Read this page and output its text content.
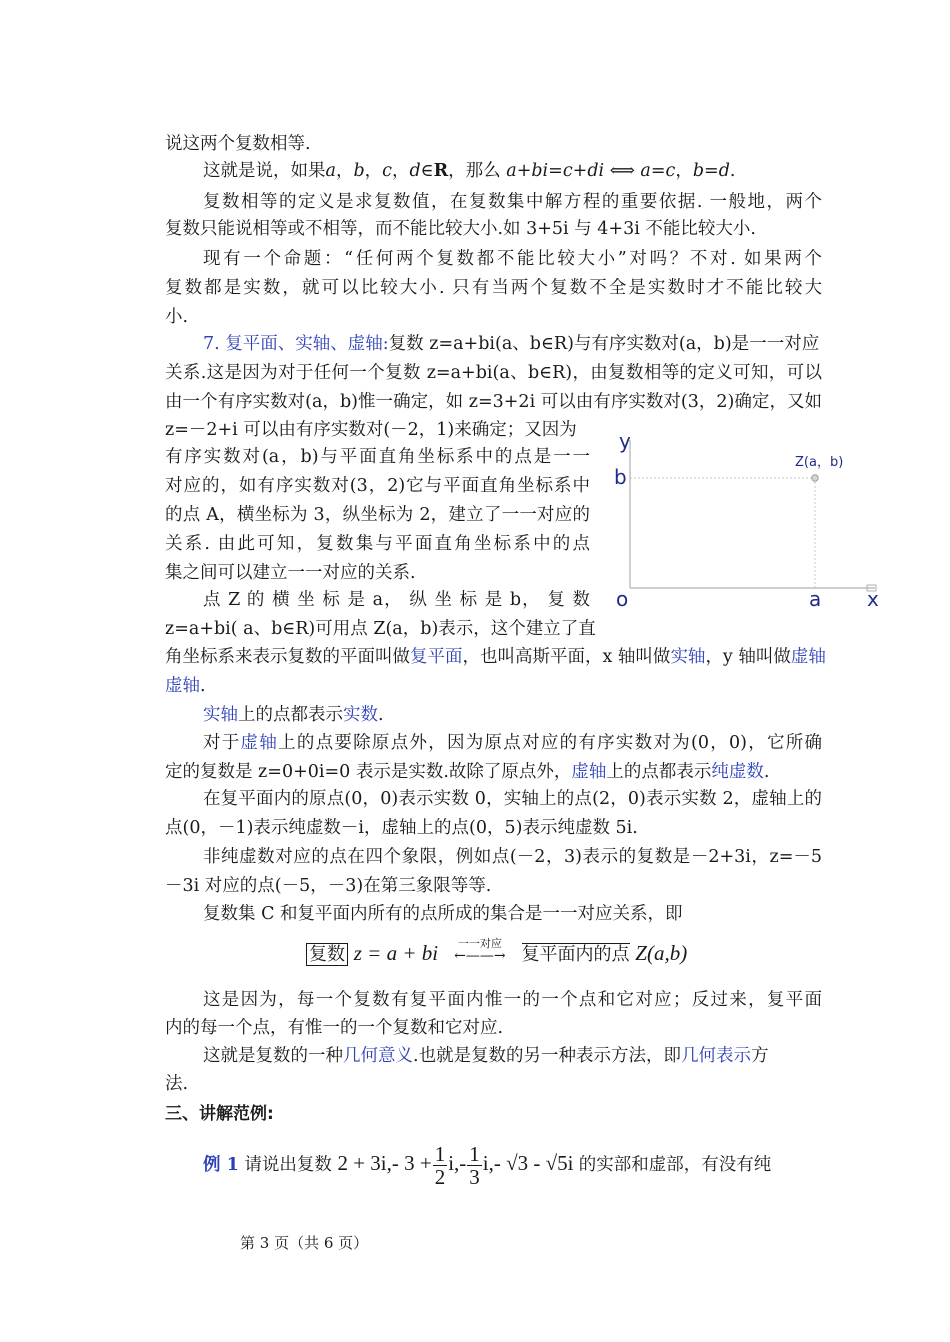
说这两个复数相等.
这就是说，如果a，b，c，d∈R，那么 a+bi=c+di ⟺ a=c，b=d.
复数相等的定义是求复数值，在复数集中解方程的重要依据. 一般地，两个
复数只能说相等或不相等，而不能比较大小.如 3+5i 与 4+3i 不能比较大小.
现有一个命题：“任何两个复数都不能比较大小”对吗？不对. 如果两个
复数都是实数，就可以比较大小. 只有当两个复数不全是实数时才不能比较大
小.
7. 复平面、实轴、虚轴:复数 z=a+bi(a、b∈R)与有序实数对(a，b)是一一对应
关系.这是因为对于任何一个复数 z=a+bi(a、b∈R)，由复数相等的定义可知，可以
由一个有序实数对(a，b)惟一确定，如 z=3+2i 可以由有序实数对(3，2)确定，又如
z=－2+i 可以由有序实数对(－2，1)来确定；又因为
有序实数对(a，b)与平面直角坐标系中的点是一一
对应的，如有序实数对(3，2)它与平面直角坐标系中
的点 A，横坐标为 3，纵坐标为 2，建立了一一对应的
关系. 由此可知，复数集与平面直角坐标系中的点
集之间可以建立一一对应的关系.
点 Z 的 横 坐 标 是 a， 纵 坐 标 是 b， 复 数
z=a+bi( a、b∈R)可用点 Z(a，b)表示，这个建立了直
角坐标系来表示复数的平面叫做复平面，也叫高斯平面，x 轴叫做实轴，y 轴叫做虚轴
虚轴.
实轴上的点都表示实数.
对于虚轴上的点要除原点外，因为原点对应的有序实数对为(0，0)，它所确
定的复数是 z=0+0i=0 表示是实数.故除了原点外，虚轴上的点都表示纯虚数.
在复平面内的原点(0，0)表示实数 0，实轴上的点(2，0)表示实数 2，虚轴上的
点(0，－1)表示纯虚数－i，虚轴上的点(0，5)表示纯虚数 5i.
非纯虚数对应的点在四个象限，例如点(－2，3)表示的复数是－2+3i，z=－5
－3i 对应的点(－5，－3)在第三象限等等.
复数集 C 和复平面内所有的点所成的集合是一一对应关系，即
复数 z = a + bi	一一对应
←——→ 复平面内的点 Z(a,b)
这是因为，每一个复数有复平面内惟一的一个点和它对应；反过来，复平面
内的每一个点，有惟一的一个复数和它对应.
这就是复数的一种几何意义.也就是复数的另一种表示方法，即几何表示方
法.
三、讲解范例:
例 1 请说出复数 2 + 3i,- $3 + \frac{1}{2} i,- \frac{1}{3} i,-$ √3 - √5i 的实部和虚部，有没有纯
y
b
Z(a，b)
o	a x
第 3 页（共 6 页）
